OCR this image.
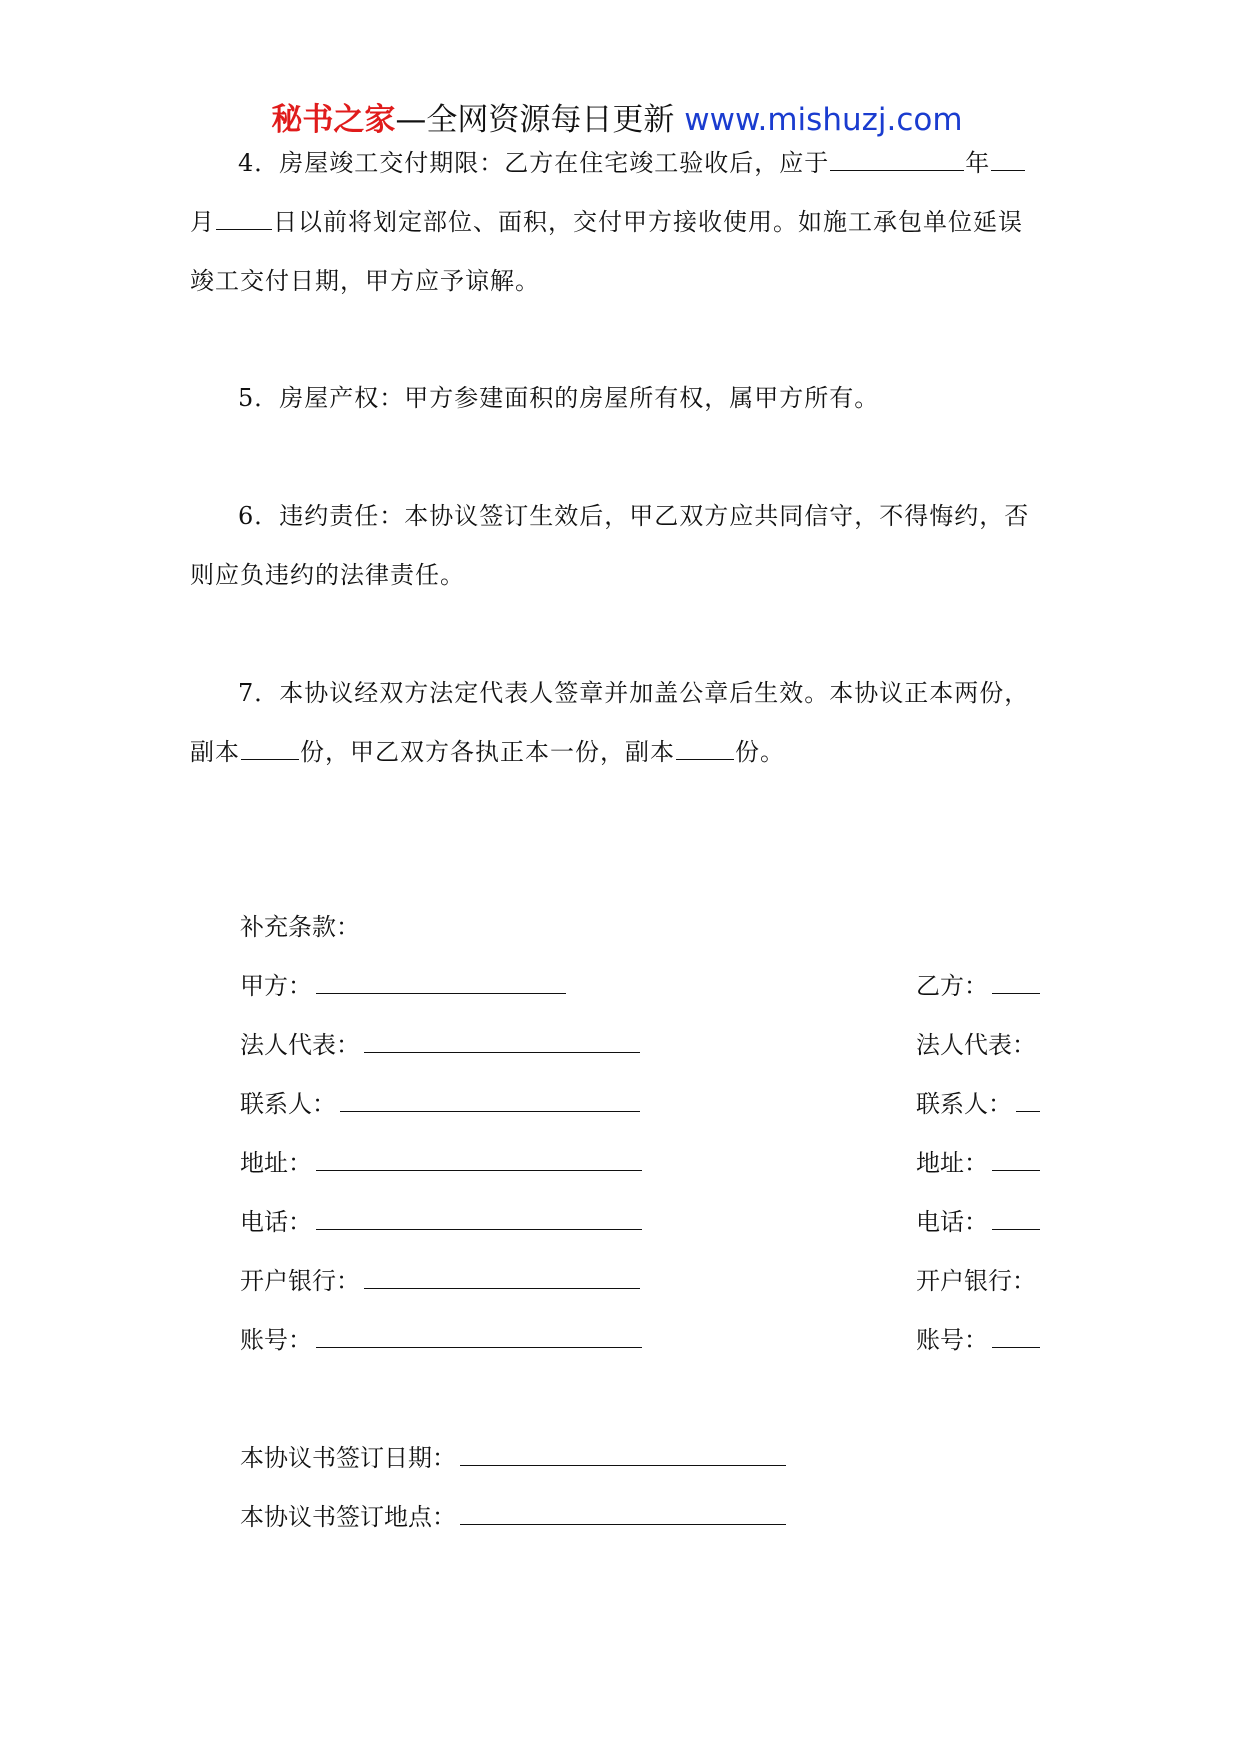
秘书之家—全网资源每日更新 www.mishuzj.com
4．房屋竣工交付期限：乙方在住宅竣工验收后，应于	年
月 日以前将划定部位、面积，交付甲方接收使用。如施工承包单位延误
竣工交付日期，甲方应予谅解。
5．房屋产权：甲方参建面积的房屋所有权，属甲方所有。
6．违约责任：本协议签订生效后，甲乙双方应共同信守，不得悔约，否
则应负违约的法律责任。
7．本协议经双方法定代表人签章并加盖公章后生效。本协议正本两份，
副本	份，甲乙双方各执正本一份，副本	份。
补充条款：
甲方：	乙方：
法人代表：	法人代表：
联系人：	联系人：
地址：	地址：
电话：	电话：
开户银行：	开户银行：
账号：	账号：
本协议书签订日期：
本协议书签订地点：
